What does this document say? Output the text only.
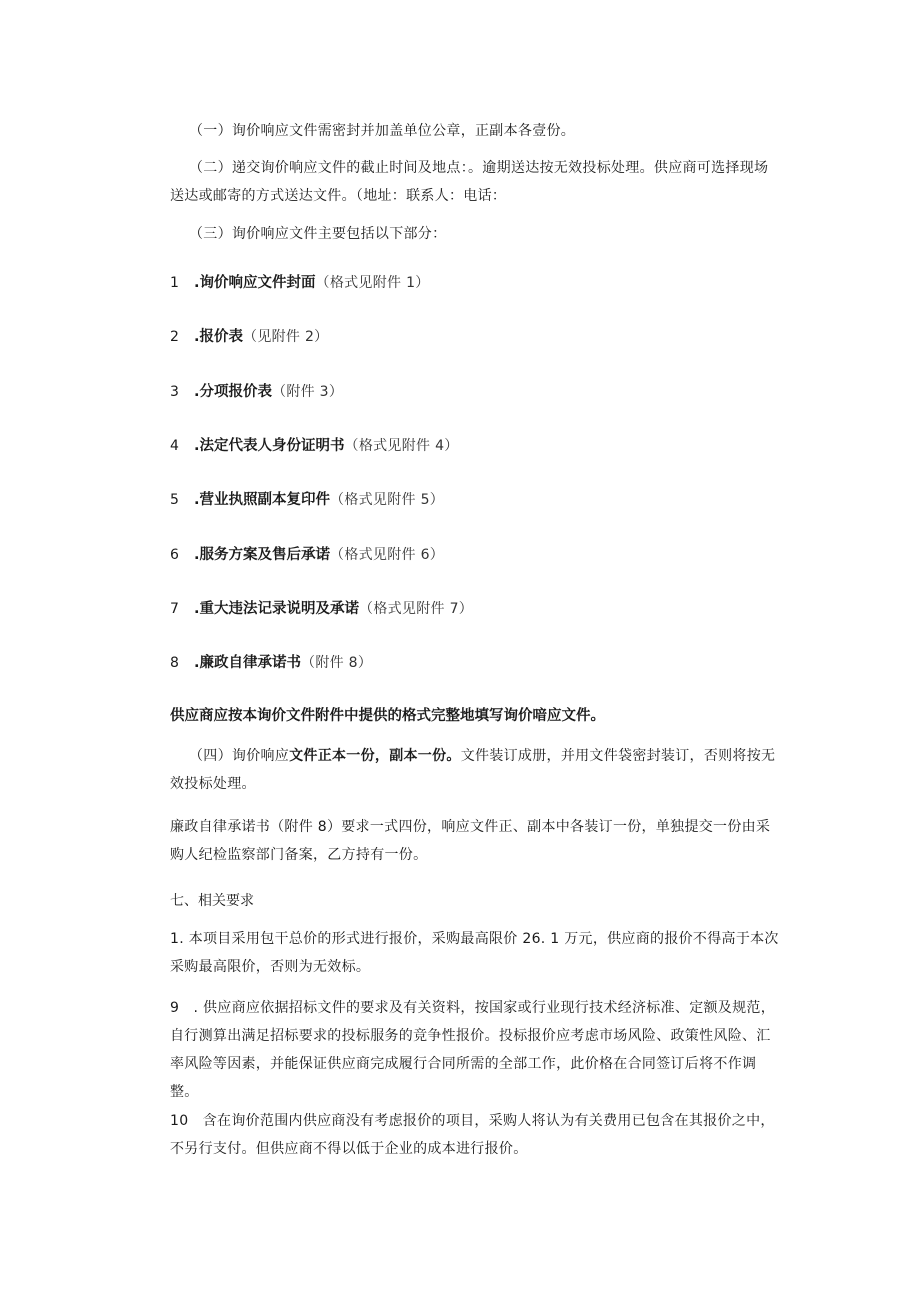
（一）询价响应文件需密封并加盖单位公章，正副本各壹份。

（二）递交询价响应文件的截止时间及地点：。逾期送达按无效投标处理。供应商可选择现场送达或邮寄的方式送达文件。（地址：联系人：电话：

（三）询价响应文件主要包括以下部分：

1 .询价响应文件封面（格式见附件 1）
2 .报价表（见附件 2）
3 .分项报价表（附件 3）
4 .法定代表人身份证明书（格式见附件 4）
5 .营业执照副本复印件（格式见附件 5）
6 .服务方案及售后承诺（格式见附件 6）
7 .重大违法记录说明及承诺（格式见附件 7）
8 .廉政自律承诺书（附件 8）
供应商应按本询价文件附件中提供的格式完整地填写询价喑应文件。

（四）询价响应文件正本一份，副本一份。文件装订成册，并用文件袋密封装订，否则将按无效投标处理。

廉政自律承诺书（附件 8）要求一式四份，响应文件正、副本中各装订一份，单独提交一份由采购人纪检监察部门备案，乙方持有一份。

七、相关要求

1. 本项目采用包干总价的形式进行报价，采购最高限价 26. 1 万元，供应商的报价不得高于本次采购最高限价，否则为无效标。

9　. 供应商应依据招标文件的要求及有关资料，按国家或行业现行技术经济标准、定额及规范，自行测算出满足招标要求的投标服务的竞争性报价。投标报价应考虑市场风险、政策性风险、汇率风险等因素，并能保证供应商完成履行合同所需的全部工作，此价格在合同签订后将不作调整。

10　含在询价范围内供应商没有考虑报价的项目，采购人将认为有关费用已包含在其报价之中，不另行支付。但供应商不得以低于企业的成本进行报价。
